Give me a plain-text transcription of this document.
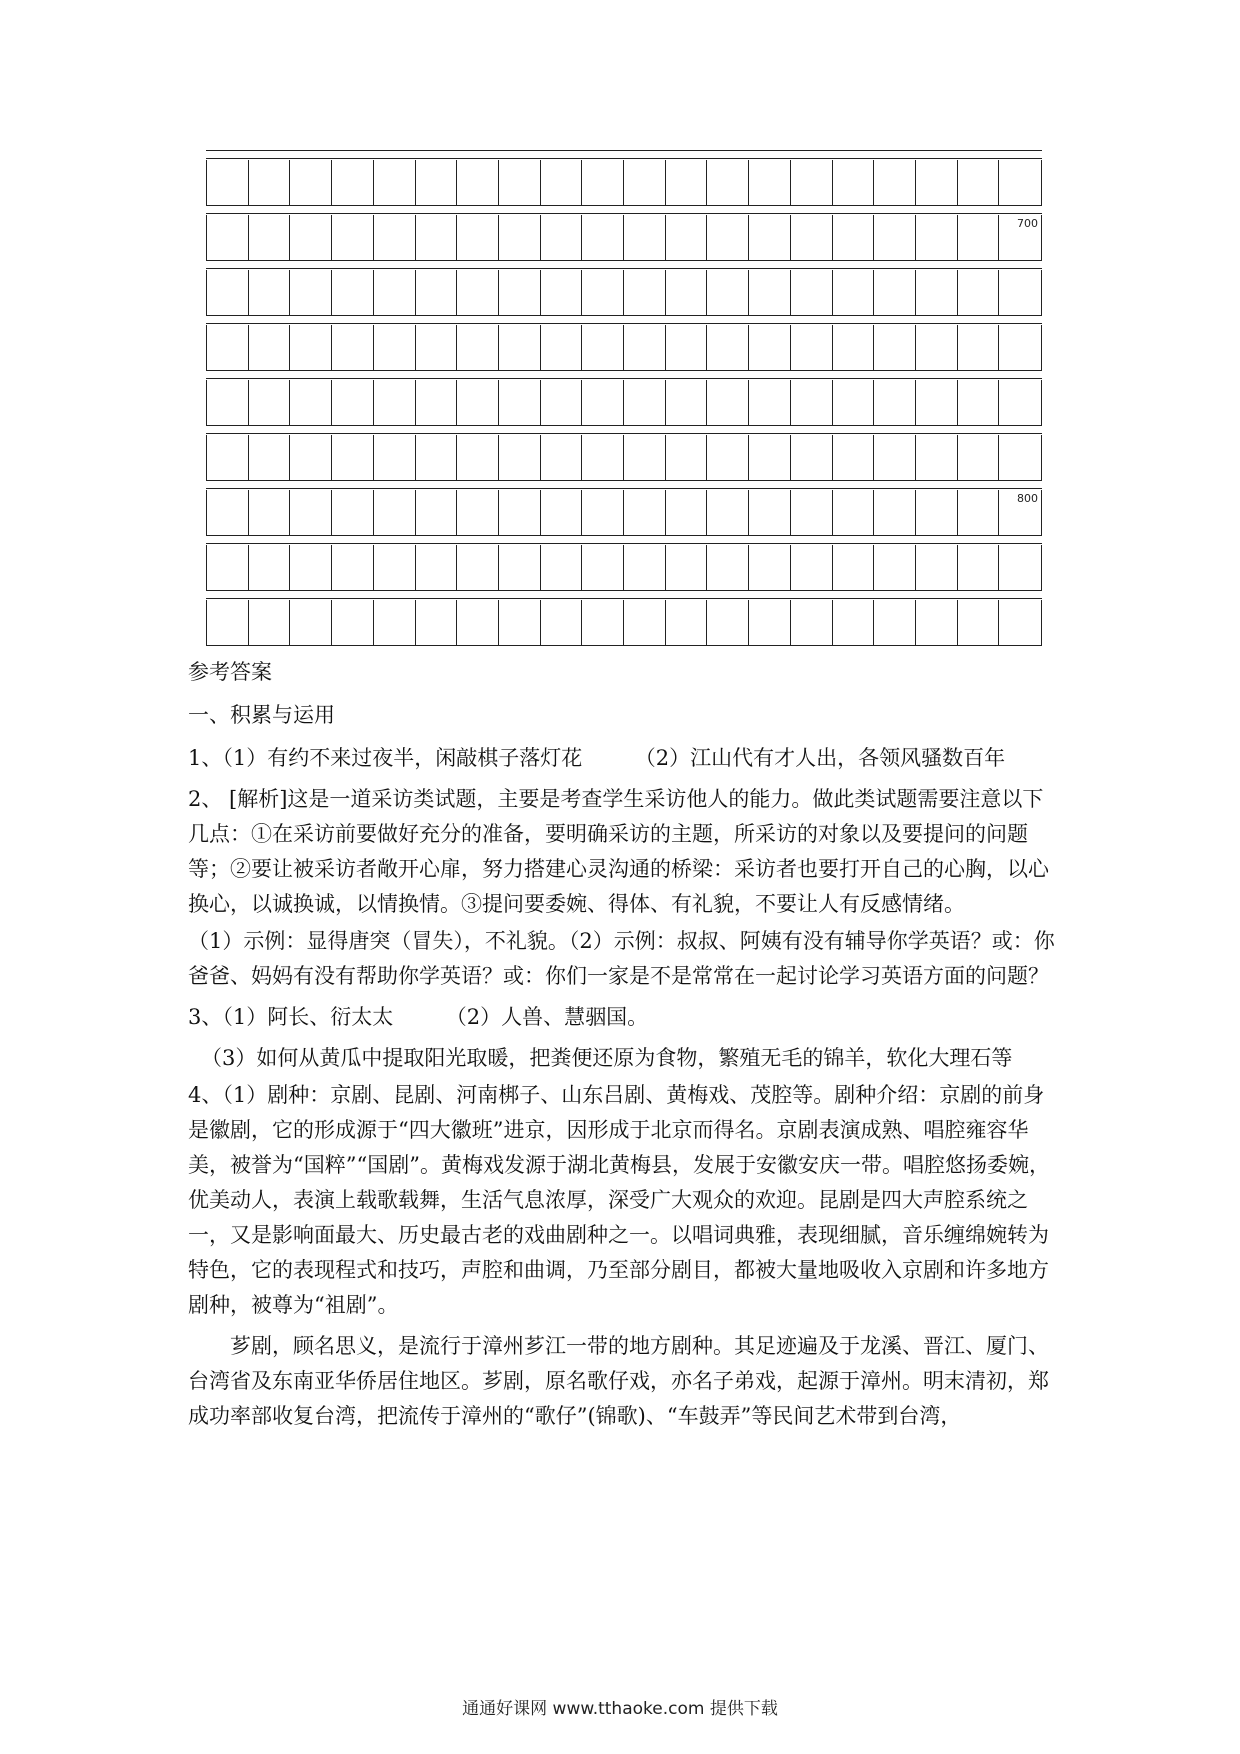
700
800

参考答案

一、积累与运用

1、（1）有约不来过夜半，闲敲棋子落灯花　　　（2）江山代有才人出，各领风骚数百年

2、 [解析]这是一道采访类试题，主要是考查学生采访他人的能力。做此类试题需要注意以下几点：①在采访前要做好充分的准备，要明确采访的主题，所采访的对象以及要提问的问题等；②要让被采访者敞开心扉，努力搭建心灵沟通的桥梁：采访者也要打开自己的心胸，以心换心，以诚换诚，以情换情。③提问要委婉、得体、有礼貌，不要让人有反感情绪。

（1）示例：显得唐突（冒失），不礼貌。（2）示例：叔叔、阿姨有没有辅导你学英语？或：你爸爸、妈妈有没有帮助你学英语？或：你们一家是不是常常在一起讨论学习英语方面的问题？

3、（1）阿长、衍太太　　　（2）人兽、慧骃国。

（3）如何从黄瓜中提取阳光取暖，把粪便还原为食物，繁殖无毛的锦羊，软化大理石等

4、（1）剧种：京剧、昆剧、河南梆子、山东吕剧、黄梅戏、茂腔等。剧种介绍：京剧的前身是徽剧，它的形成源于“四大徽班”进京，因形成于北京而得名。京剧表演成熟、唱腔雍容华美，被誉为“国粹”“国剧”。黄梅戏发源于湖北黄梅县，发展于安徽安庆一带。唱腔悠扬委婉，优美动人，表演上载歌载舞，生活气息浓厚，深受广大观众的欢迎。昆剧是四大声腔系统之一，又是影响面最大、历史最古老的戏曲剧种之一。以唱词典雅，表现细腻，音乐缠绵婉转为特色，它的表现程式和技巧，声腔和曲调，乃至部分剧目，都被大量地吸收入京剧和许多地方剧种，被尊为“祖剧”。

芗剧，顾名思义，是流行于漳州芗江一带的地方剧种。其足迹遍及于龙溪、晋江、厦门、台湾省及东南亚华侨居住地区。芗剧，原名歌仔戏，亦名子弟戏，起源于漳州。明末清初，郑成功率部收复台湾，把流传于漳州的“歌仔”(锦歌)、“车鼓弄”等民间艺术带到台湾，

通通好课网 www.tthaoke.com 提供下载
